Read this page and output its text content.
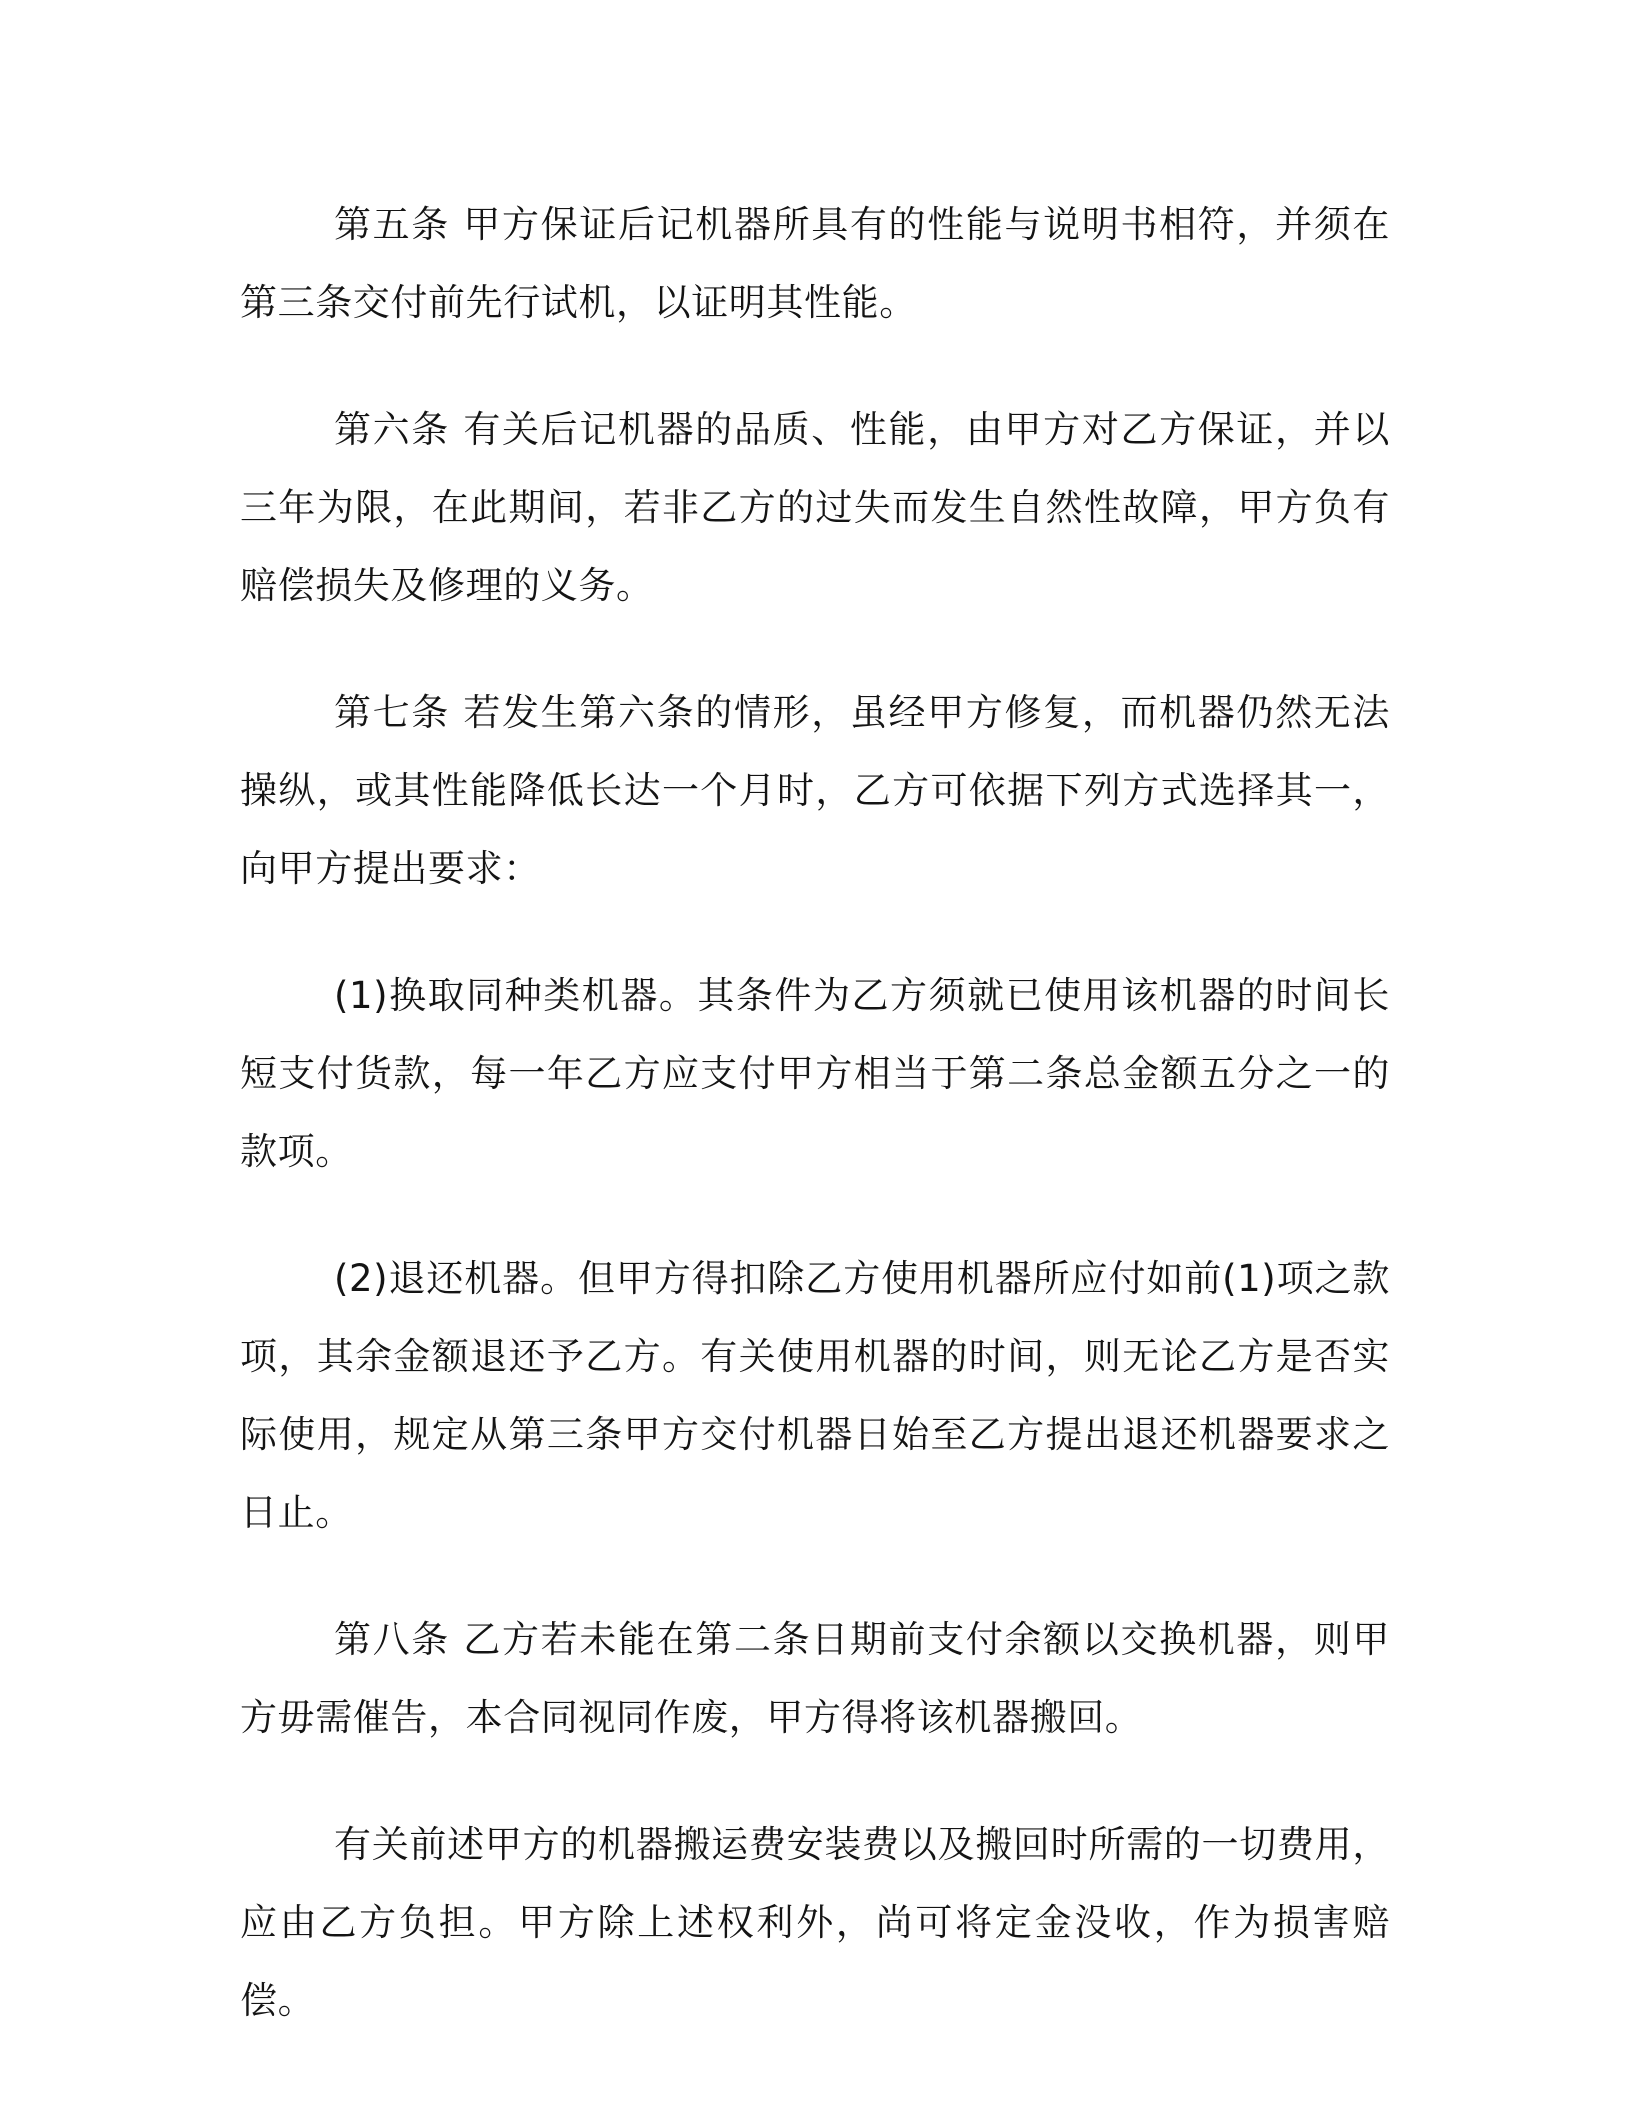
第五条 甲方保证后记机器所具有的性能与说明书相符，并须在第三条交付前先行试机，以证明其性能。

第六条 有关后记机器的品质、性能，由甲方对乙方保证，并以三年为限，在此期间，若非乙方的过失而发生自然性故障，甲方负有赔偿损失及修理的义务。

第七条 若发生第六条的情形，虽经甲方修复，而机器仍然无法操纵，或其性能降低长达一个月时，乙方可依据下列方式选择其一，向甲方提出要求：

(1)换取同种类机器。其条件为乙方须就已使用该机器的时间长短支付货款，每一年乙方应支付甲方相当于第二条总金额五分之一的款项。

(2)退还机器。但甲方得扣除乙方使用机器所应付如前(1)项之款项，其余金额退还予乙方。有关使用机器的时间，则无论乙方是否实际使用，规定从第三条甲方交付机器日始至乙方提出退还机器要求之日止。

第八条 乙方若未能在第二条日期前支付余额以交换机器，则甲方毋需催告，本合同视同作废，甲方得将该机器搬回。

有关前述甲方的机器搬运费安装费以及搬回时所需的一切费用，应由乙方负担。甲方除上述权利外，尚可将定金没收，作为损害赔偿。
